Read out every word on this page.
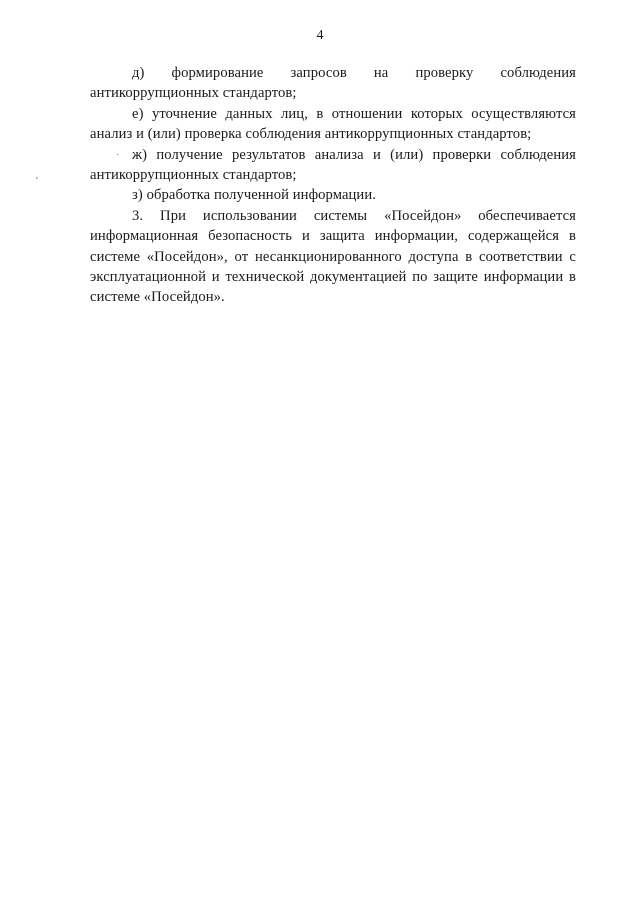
4
·
'

д) формирование запросов на проверку соблюдения антикоррупционных стандартов;

е) уточнение данных лиц, в отношении которых осуществляются анализ и (или) проверка соблюдения антикоррупционных стандартов;

ж) получение результатов анализа и (или) проверки соблюдения антикоррупционных стандартов;

з) обработка полученной информации.

3. При использовании системы «Посейдон» обеспечивается информационная безопасность и защита информации, содержащейся в системе «Посейдон», от несанкционированного доступа в соответствии с эксплуатационной и технической документацией по защите информации в системе «Посейдон».
